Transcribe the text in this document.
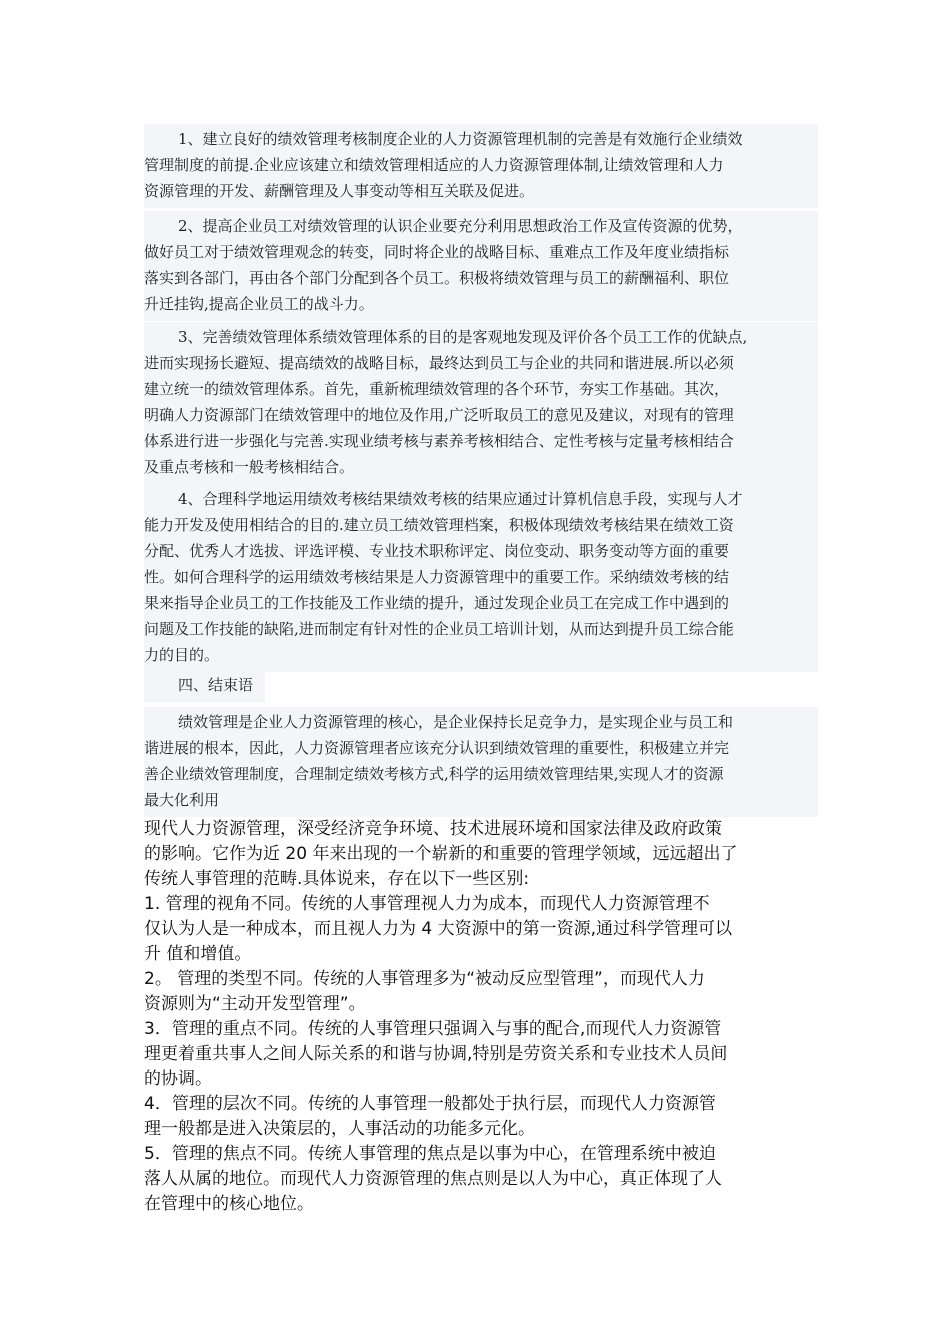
1、建立良好的绩效管理考核制度企业的人力资源管理机制的完善是有效施行企业绩效
管理制度的前提.企业应该建立和绩效管理相适应的人力资源管理体制,让绩效管理和人力
资源管理的开发、薪酬管理及人事变动等相互关联及促进。
2、提高企业员工对绩效管理的认识企业要充分利用思想政治工作及宣传资源的优势，
做好员工对于绩效管理观念的转变，同时将企业的战略目标、重难点工作及年度业绩指标
落实到各部门，再由各个部门分配到各个员工。积极将绩效管理与员工的薪酬福利、职位
升迁挂钩,提高企业员工的战斗力。
3、完善绩效管理体系绩效管理体系的目的是客观地发现及评价各个员工工作的优缺点,
进而实现扬长避短、提高绩效的战略目标，最终达到员工与企业的共同和谐进展.所以必须
建立统一的绩效管理体系。首先，重新梳理绩效管理的各个环节，夯实工作基础。其次，
明确人力资源部门在绩效管理中的地位及作用,广泛听取员工的意见及建议，对现有的管理
体系进行进一步强化与完善.实现业绩考核与素养考核相结合、定性考核与定量考核相结合
及重点考核和一般考核相结合。
4、合理科学地运用绩效考核结果绩效考核的结果应通过计算机信息手段，实现与人才
能力开发及使用相结合的目的.建立员工绩效管理档案，积极体现绩效考核结果在绩效工资
分配、优秀人才选拔、评选评模、专业技术职称评定、岗位变动、职务变动等方面的重要
性。如何合理科学的运用绩效考核结果是人力资源管理中的重要工作。采纳绩效考核的结
果来指导企业员工的工作技能及工作业绩的提升，通过发现企业员工在完成工作中遇到的
问题及工作技能的缺陷,进而制定有针对性的企业员工培训计划，从而达到提升员工综合能
力的目的。
四、结束语
绩效管理是企业人力资源管理的核心，是企业保持长足竞争力，是实现企业与员工和
谐进展的根本，因此，人力资源管理者应该充分认识到绩效管理的重要性，积极建立并完
善企业绩效管理制度，合理制定绩效考核方式,科学的运用绩效管理结果,实现人才的资源
最大化利用
现代人力资源管理，深受经济竞争环境、技术进展环境和国家法律及政府政策
的影响。它作为近 20 年来出现的一个崭新的和重要的管理学领域，远远超出了
传统人事管理的范畴.具体说来，存在以下一些区别:
1. 管理的视角不同。传统的人事管理视人力为成本，而现代人力资源管理不
仅认为人是一种成本，而且视人力为 4 大资源中的第一资源,通过科学管理可以
升 值和增值。
2。 管理的类型不同。传统的人事管理多为“被动反应型管理”，而现代人力
资源则为“主动开发型管理”。
3．管理的重点不同。传统的人事管理只强调入与事的配合,而现代人力资源管
理更着重共事人之间人际关系的和谐与协调,特别是劳资关系和专业技术人员间
的协调。
4．管理的层次不同。传统的人事管理一般都处于执行层，而现代人力资源管
理一般都是进入决策层的，人事活动的功能多元化。
5．管理的焦点不同。传统人事管理的焦点是以事为中心，在管理系统中被迫
落人从属的地位。而现代人力资源管理的焦点则是以人为中心，真正体现了人
在管理中的核心地位。
